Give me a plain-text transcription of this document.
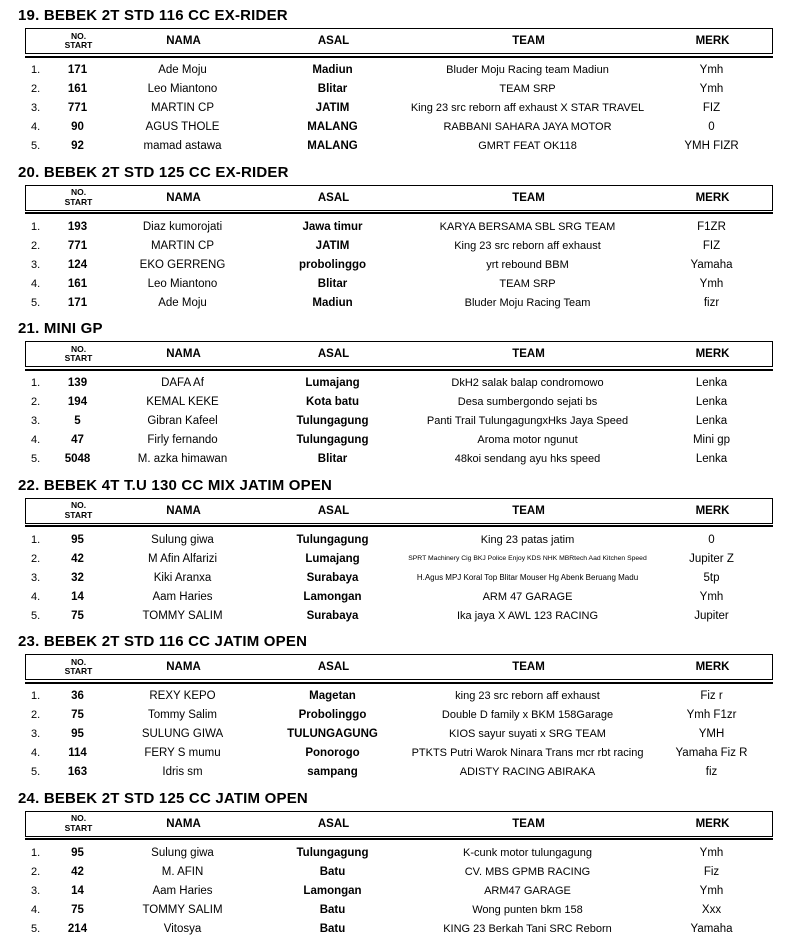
19. BEBEK 2T STD 116 CC EX-RIDER
NO.
START	NAMA	ASAL	TEAM	MERK
1.	171	Ade Moju	Madiun	Bluder Moju Racing team Madiun	Ymh
2.	161	Leo Miantono	Blitar	TEAM SRP	Ymh
3.	771	MARTIN CP	JATIM	King 23 src reborn aff exhaust X STAR TRAVEL	FIZ
4.	90	AGUS THOLE	MALANG	RABBANI SAHARA JAYA MOTOR	0
5.	92	mamad astawa	MALANG	GMRT FEAT OK118	YMH FIZR
20. BEBEK 2T STD 125 CC EX-RIDER
NO.
START	NAMA	ASAL	TEAM	MERK
1.	193	Diaz kumorojati	Jawa timur	KARYA BERSAMA SBL SRG TEAM	F1ZR
2.	771	MARTIN CP	JATIM	King 23 src reborn aff exhaust	FIZ
3.	124	EKO GERRENG	probolinggo	yrt rebound BBM	Yamaha
4.	161	Leo Miantono	Blitar	TEAM SRP	Ymh
5.	171	Ade Moju	Madiun	Bluder Moju Racing Team	fizr
21. MINI GP
NO.
START	NAMA	ASAL	TEAM	MERK
1.	139	DAFA Af	Lumajang	DkH2 salak balap condromowo	Lenka
2.	194	KEMAL KEKE	Kota batu	Desa sumbergondo sejati bs	Lenka
3.	5	Gibran Kafeel	Tulungagung	Panti Trail TulungagungxHks Jaya Speed	Lenka
4.	47	Firly fernando	Tulungagung	Aroma motor ngunut	Mini gp
5.	5048	M. azka himawan	Blitar	48koi sendang ayu hks speed	Lenka
22. BEBEK 4T T.U 130 CC MIX JATIM OPEN
NO.
START	NAMA	ASAL	TEAM	MERK
1.	95	Sulung giwa	Tulungagung	King 23 patas jatim	0
2.	42	M Afin Alfarizi	Lumajang	SPRT Machinery Cig BKJ Police Enjoy KDS NHK MBRtech Aad Kitchen Speed	Jupiter Z
3.	32	Kiki Aranxa	Surabaya	H.Agus MPJ Koral Top Blitar Mouser Hg Abenk Beruang Madu	5tp
4.	14	Aam Haries	Lamongan	ARM 47 GARAGE	Ymh
5.	75	TOMMY SALIM	Surabaya	Ika jaya X AWL 123 RACING	Jupiter
23. BEBEK 2T STD 116 CC JATIM OPEN
NO.
START	NAMA	ASAL	TEAM	MERK
1.	36	REXY KEPO	Magetan	king 23 src reborn aff exhaust	Fiz r
2.	75	Tommy Salim	Probolinggo	Double D family x BKM 158Garage	Ymh F1zr
3.	95	SULUNG GIWA	TULUNGAGUNG	KIOS sayur suyati x SRG TEAM	YMH
4.	114	FERY S mumu	Ponorogo	PTKTS Putri Warok Ninara Trans mcr rbt racing	Yamaha Fiz R
5.	163	Idris sm	sampang	ADISTY RACING ABIRAKA	fiz
24. BEBEK 2T STD 125 CC JATIM OPEN
NO.
START	NAMA	ASAL	TEAM	MERK
1.	95	Sulung giwa	Tulungagung	K-cunk motor tulungagung	Ymh
2.	42	M. AFIN	Batu	CV. MBS GPMB RACING	Fiz
3.	14	Aam Haries	Lamongan	ARM47 GARAGE	Ymh
4.	75	TOMMY SALIM	Batu	Wong punten bkm 158	Xxx
5.	214	Vitosya	Batu	KING 23 Berkah Tani SRC Reborn	Yamaha
